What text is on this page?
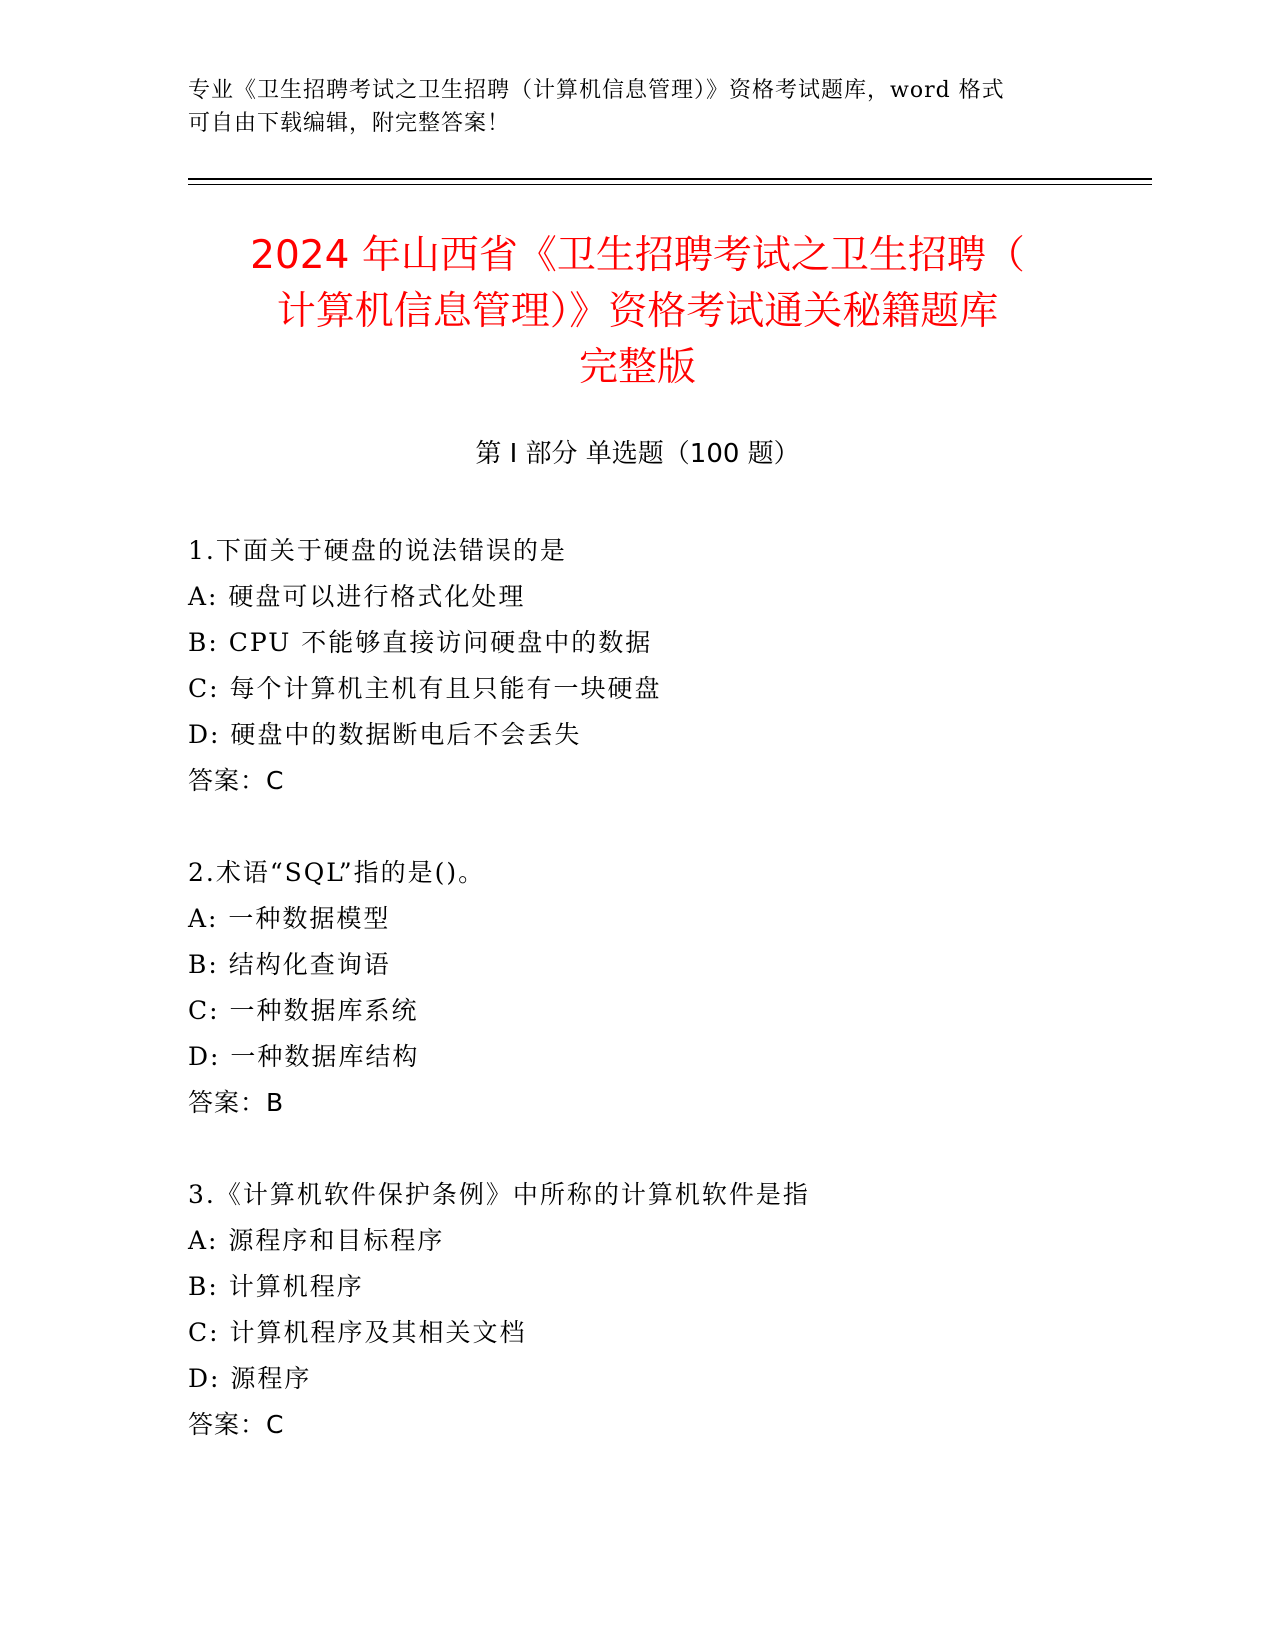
专业《卫生招聘考试之卫生招聘（计算机信息管理）》资格考试题库，word 格式
可自由下载编辑，附完整答案！
2024 年山西省《卫生招聘考试之卫生招聘（
计算机信息管理）》资格考试通关秘籍题库
完整版
第 I 部分 单选题（100 题）
1.下面关于硬盘的说法错误的是
A: 硬盘可以进行格式化处理
B: CPU 不能够直接访问硬盘中的数据
C: 每个计算机主机有且只能有一块硬盘
D: 硬盘中的数据断电后不会丢失
答案：C
2.术语“SQL”指的是()。
A: 一种数据模型
B: 结构化查询语
C: 一种数据库系统
D: 一种数据库结构
答案：B
3.《计算机软件保护条例》中所称的计算机软件是指
A: 源程序和目标程序
B: 计算机程序
C: 计算机程序及其相关文档
D: 源程序
答案：C
